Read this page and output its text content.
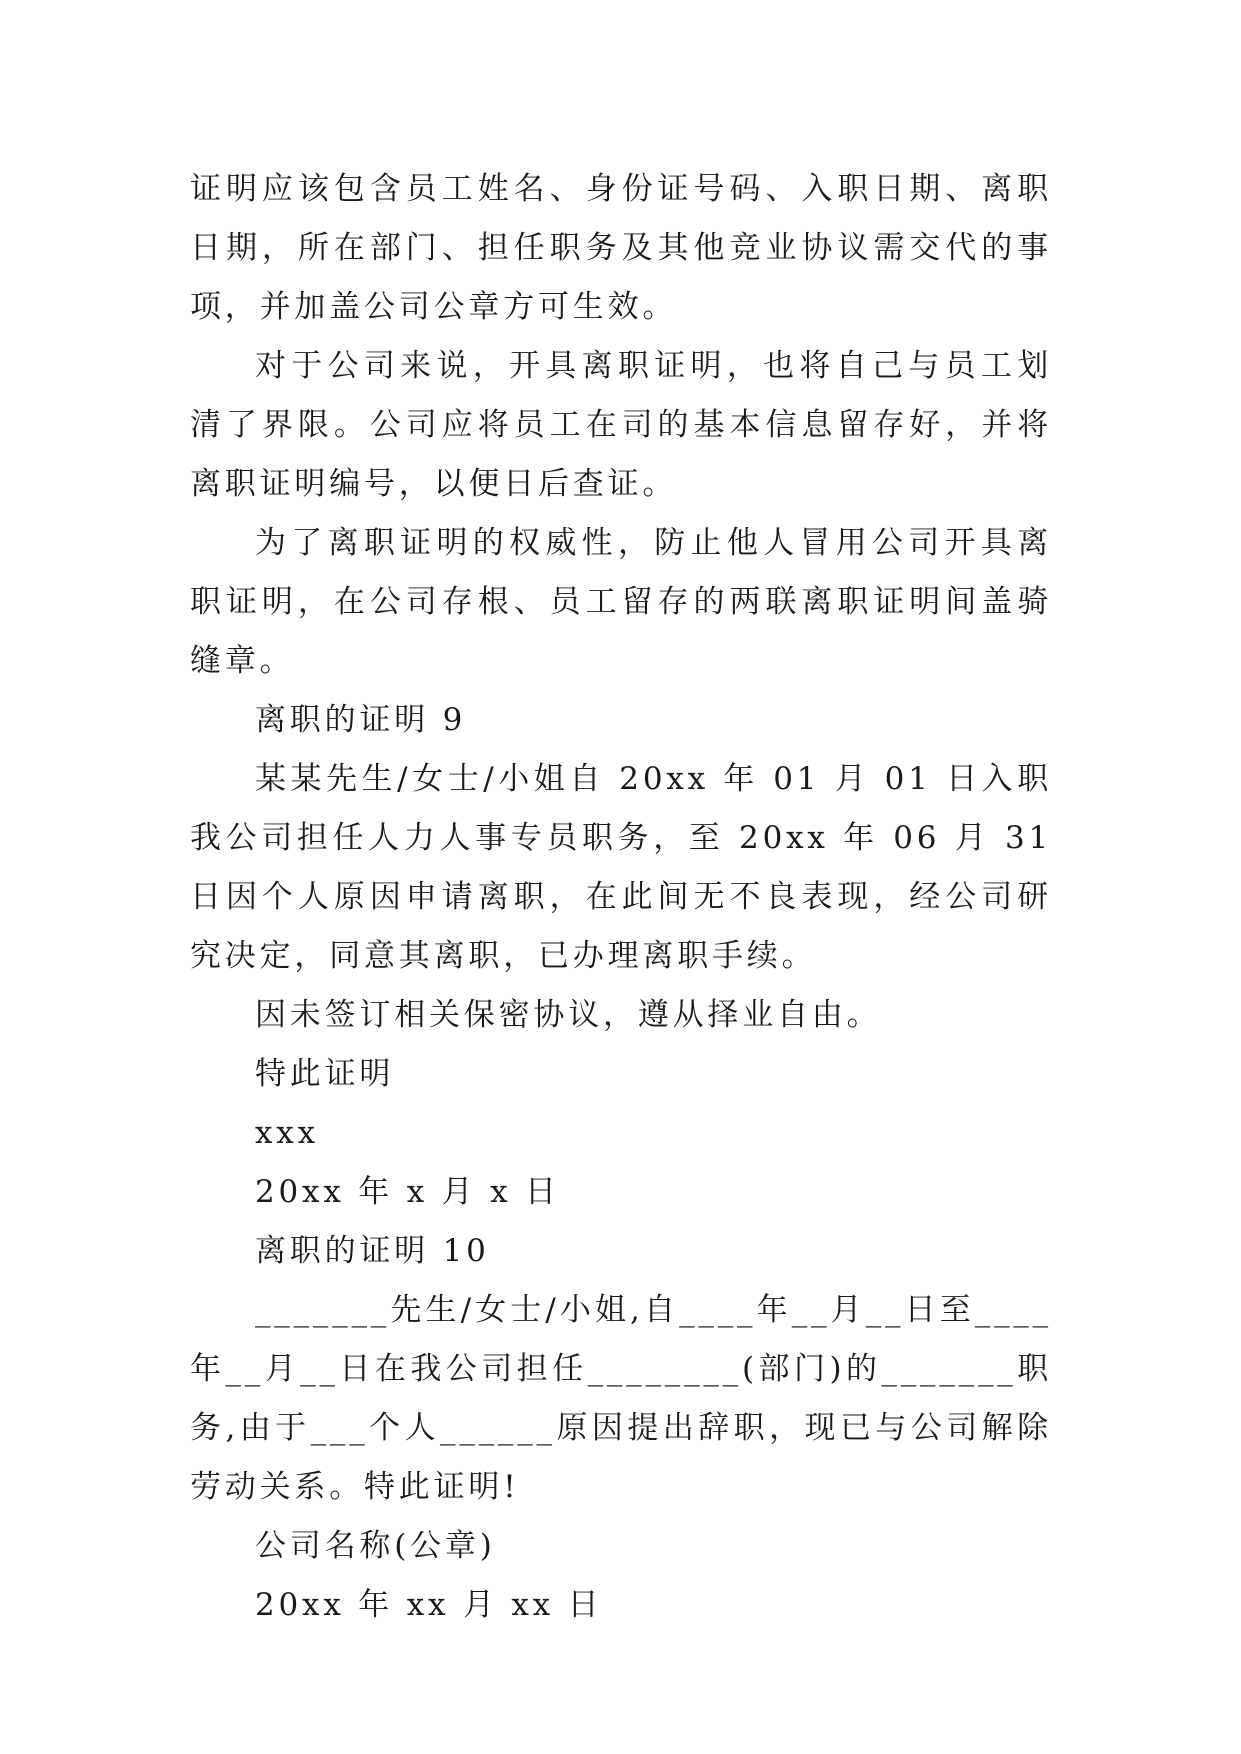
证明应该包含员工姓名、身份证号码、入职日期、离职日期，所在部门、担任职务及其他竞业协议需交代的事项，并加盖公司公章方可生效。

对于公司来说，开具离职证明，也将自己与员工划清了界限。公司应将员工在司的基本信息留存好，并将离职证明编号，以便日后查证。

为了离职证明的权威性，防止他人冒用公司开具离职证明，在公司存根、员工留存的两联离职证明间盖骑缝章。

离职的证明 9

某某先生/女士/小姐自 20xx 年 01 月 01 日入职我公司担任人力人事专员职务，至 20xx 年 06 月 31 日因个人原因申请离职，在此间无不良表现，经公司研究决定，同意其离职，已办理离职手续。

因未签订相关保密协议，遵从择业自由。

特此证明

xxx

20xx 年 x 月 x 日

离职的证明 10

_______先生/女士/小姐,自____年__月__日至____年__月__日在我公司担任________(部门)的_______职务,由于___个人______原因提出辞职，现已与公司解除劳动关系。特此证明!

公司名称(公章)

20xx 年 xx 月 xx 日
